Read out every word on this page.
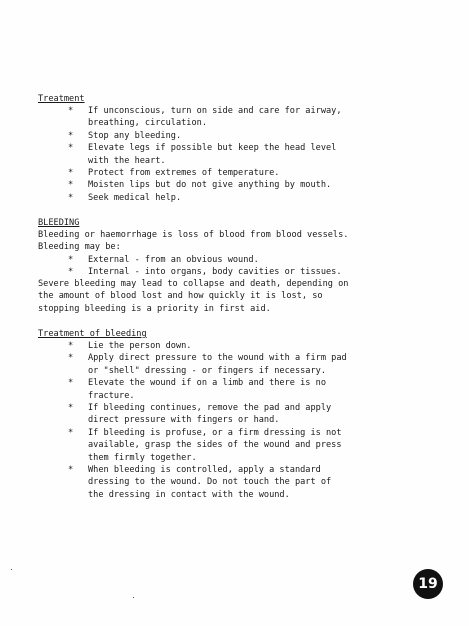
Treatment
* If unconscious, turn on side and care for airway,
breathing, circulation.
* Stop any bleeding.
* Elevate legs if possible but keep the head level
with the heart.
* Protect from extremes of temperature.
* Moisten lips but do not give anything by mouth.
* Seek medical help.
BLEEDING
Bleeding or haemorrhage is loss of blood from blood vessels.
Bleeding may be:
* External - from an obvious wound.
* Internal - into organs, body cavities or tissues.
Severe bleeding may lead to collapse and death, depending on
the amount of blood lost and how quickly it is lost, so
stopping bleeding is a priority in first aid.
Treatment of bleeding
* Lie the person down.
* Apply direct pressure to the wound with a firm pad
or "shell" dressing - or fingers if necessary.
* Elevate the wound if on a limb and there is no
fracture.
* If bleeding continues, remove the pad and apply
direct pressure with fingers or hand.
* If bleeding is profuse, or a firm dressing is not
available, grasp the sides of the wound and press
them firmly together.
* When bleeding is controlled, apply a standard
dressing to the wound. Do not touch the part of
the dressing in contact with the wound.
19
